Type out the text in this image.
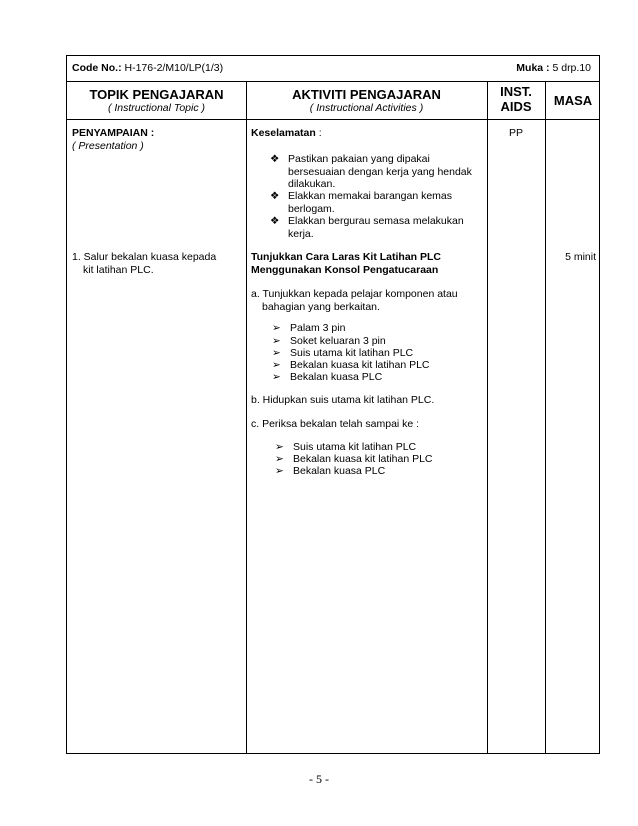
Code No.: H-176-2/M10/LP(1/3)	Muka : 5 drp.10
TOPIK PENGAJARAN
( Instructional Topic )
AKTIVITI PENGAJARAN
( Instructional Activities )
INST.
AIDS	MASA
PENYAMPAIAN :
( Presentation )
1. Salur bekalan kuasa kepada
kit latihan PLC.
Keselamatan :
❖ Pastikan pakaian yang dipakai bersesuaian dengan kerja yang hendak dilakukan.
❖ Elakkan memakai barangan kemas berlogam.
❖ Elakkan bergurau semasa melakukan kerja.
Tunjukkan Cara Laras Kit Latihan PLC
Menggunakan Konsol Pengatucaraan
a. Tunjukkan kepada pelajar komponen atau
bahagian yang berkaitan.
➢ Palam 3 pin
➢ Soket keluaran 3 pin
➢ Suis utama kit latihan PLC
➢ Bekalan kuasa kit latihan PLC
➢ Bekalan kuasa PLC
b. Hidupkan suis utama kit latihan PLC.
c. Periksa bekalan telah sampai ke :
➢ Suis utama kit latihan PLC
➢ Bekalan kuasa kit latihan PLC
➢ Bekalan kuasa PLC
PP
5 minit
- 5 -
